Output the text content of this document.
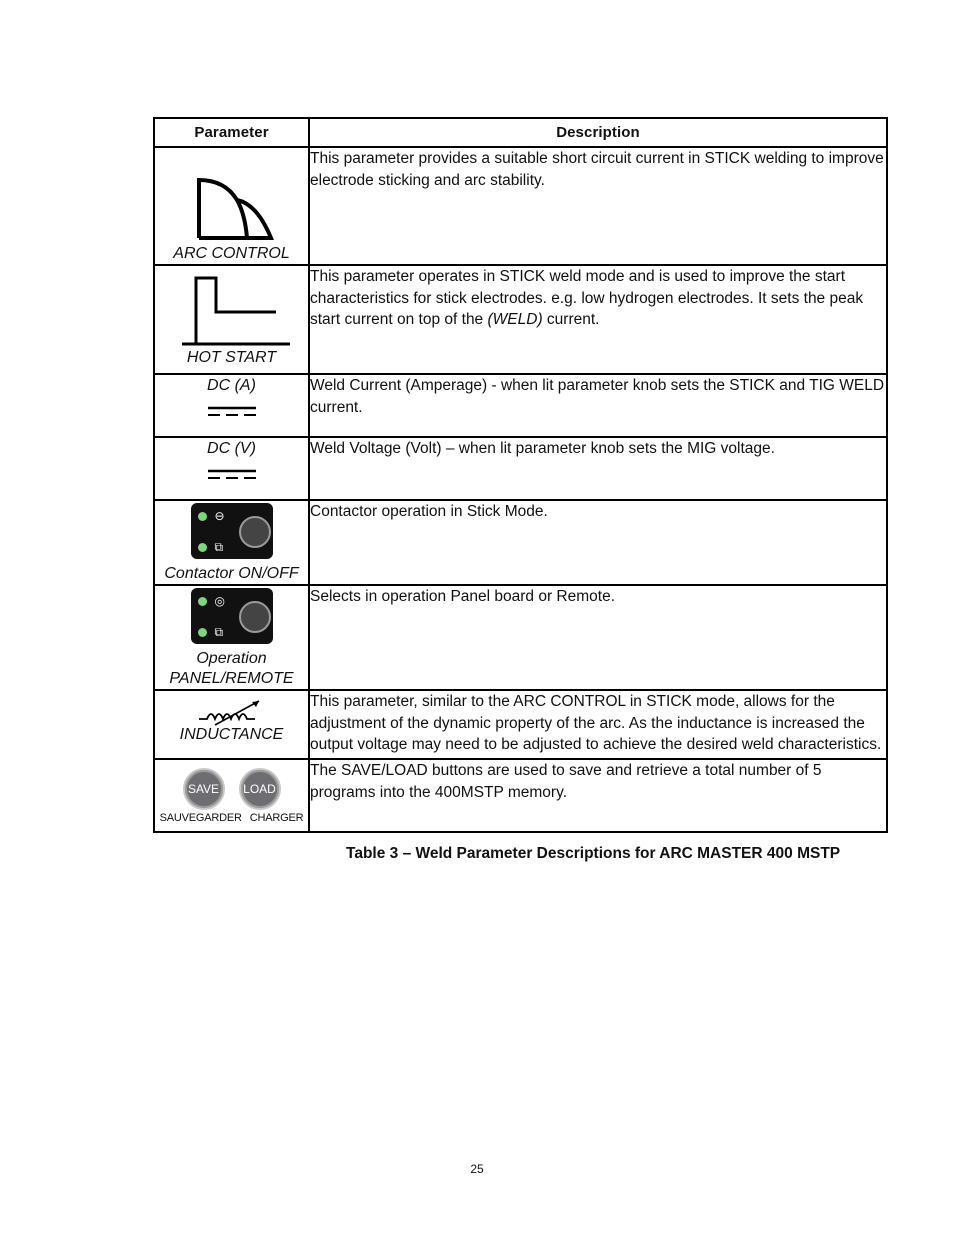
Parameter	Description

ARC CONTROL	This parameter provides a suitable short circuit current in STICK welding to improve electrode sticking and arc stability.

HOT START	This parameter operates in STICK weld mode and is used to improve the start characteristics for stick electrodes. e.g. low hydrogen electrodes. It sets the peak start current on top of the (WELD) current.

DC (A)	Weld Current (Amperage) - when lit parameter knob sets the STICK and TIG WELD current.

DC (V)	Weld Voltage (Volt) – when lit parameter knob sets the MIG voltage.

⊖
⧉
Contactor ON/OFF	Contactor operation in Stick Mode.

◎
⧉
Operation
PANEL/REMOTE	Selects in operation Panel board or Remote.

INDUCTANCE	This parameter, similar to the ARC CONTROL in STICK mode, allows for the adjustment of the dynamic property of the arc. As the inductance is increased the output voltage may need to be adjusted to achieve the desired weld characteristics.

SAVE LOAD
SAUVEGARDER CHARGER	The SAVE/LOAD buttons are used to save and retrieve a total number of 5 programs into the 400MSTP memory.
Table 3 – Weld Parameter Descriptions for ARC MASTER 400 MSTP
25
